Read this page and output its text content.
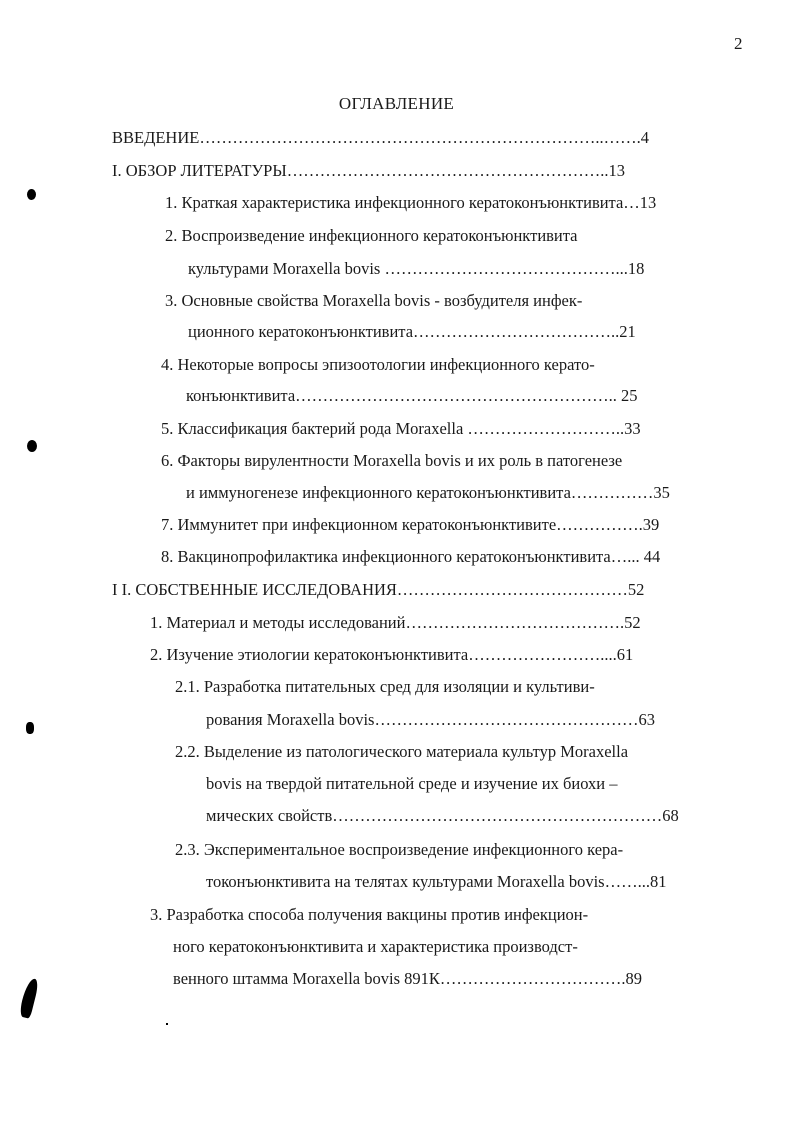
2
ОГЛАВЛЕНИЕ
ВВЕДЕНИЕ………………………………………………………………..…….4
I. ОБЗОР ЛИТЕРАТУРЫ…………………………………………………..13
1. Краткая характеристика инфекционного кератоконъюнктивита…13
2. Воспроизведение инфекционного кератоконъюнктивита
культурами Moraxella bovis ……………………………………...18
3. Основные свойства Moraxella bovis - возбудителя инфек-
ционного кератоконъюнктивита………………………………..21
4. Некоторые вопросы эпизоотологии инфекционного керато-
конъюнктивита………………………………………………….. 25
5. Классификация бактерий рода Moraxella ………………………..33
6. Факторы вирулентности Moraxella bovis и их роль в патогенезе
и иммуногенезе инфекционного кератоконъюнктивита……………35
7. Иммунитет при инфекционном кератоконъюнктивите…………….39
8. Вакцинопрофилактика инфекционного кератоконъюнктивита…... 44
I I. СОБСТВЕННЫЕ ИССЛЕДОВАНИЯ……………………………………52
1. Материал и методы исследований………………………………….52
2. Изучение этиологии кератоконъюнктивита……………………....61
2.1. Разработка питательных сред для изоляции и культиви-
рования Moraxella bovis…………………………………………63
2.2. Выделение из патологического материала культур Moraxella
bovis на твердой питательной среде и изучение их биохи –
мических свойств……………………………………………………68
2.3. Экспериментальное воспроизведение инфекционного кера-
токонъюнктивита на телятах культурами Moraxella bovis……...81
3. Разработка способа получения вакцины против инфекцион-
ного кератоконъюнктивита и характеристика производст-
венного штамма Moraxella bovis 891К…………………………….89
